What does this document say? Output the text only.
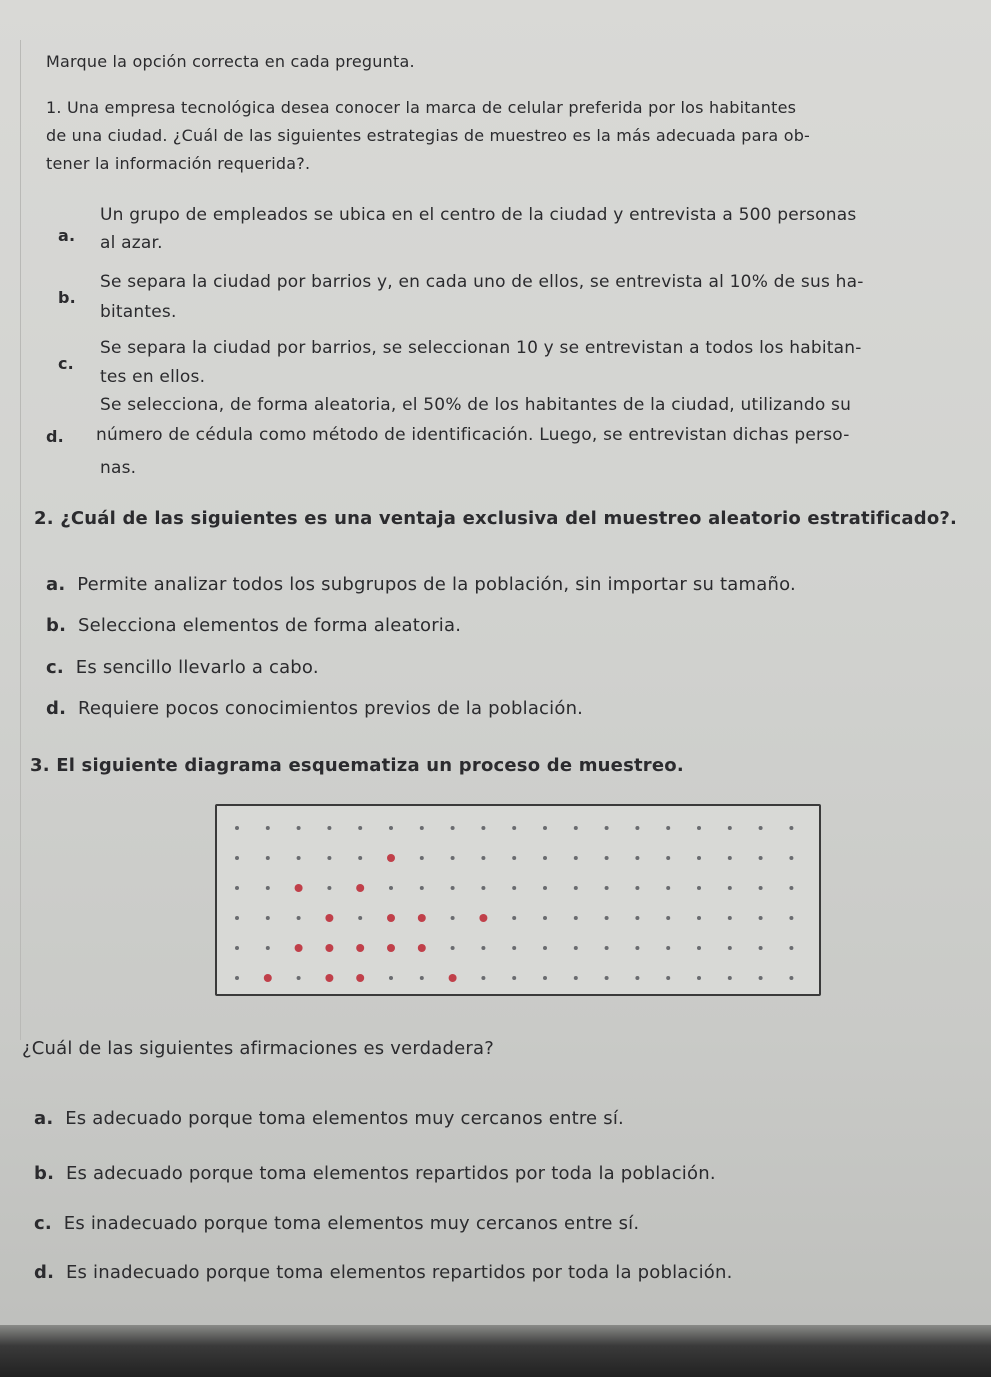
Marque la opción correcta en cada pregunta.
1. Una empresa tecnológica desea conocer la marca de celular preferida por los habitantes
de una ciudad. ¿Cuál de las siguientes estrategias de muestreo es la más adecuada para ob-
tener la información requerida?.
a.
Un grupo de empleados se ubica en el centro de la ciudad y entrevista a 500 personas
al azar.
b.
Se separa la ciudad por barrios y, en cada uno de ellos, se entrevista al 10% de sus ha-
bitantes.
c.
Se separa la ciudad por barrios, se seleccionan 10 y se entrevistan a todos los habitan-
tes en ellos.
Se selecciona, de forma aleatoria, el 50% de los habitantes de la ciudad, utilizando su
d. número de cédula como método de identificación. Luego, se entrevistan dichas perso-
nas.
2. ¿Cuál de las siguientes es una ventaja exclusiva del muestreo aleatorio estratificado?.
a. Permite analizar todos los subgrupos de la población, sin importar su tamaño.
b. Selecciona elementos de forma aleatoria.
c. Es sencillo llevarlo a cabo.
d. Requiere pocos conocimientos previos de la población.
3. El siguiente diagrama esquematiza un proceso de muestreo.
¿Cuál de las siguientes afirmaciones es verdadera?
a. Es adecuado porque toma elementos muy cercanos entre sí.
b. Es adecuado porque toma elementos repartidos por toda la población.
c. Es inadecuado porque toma elementos muy cercanos entre sí.
d. Es inadecuado porque toma elementos repartidos por toda la población.
